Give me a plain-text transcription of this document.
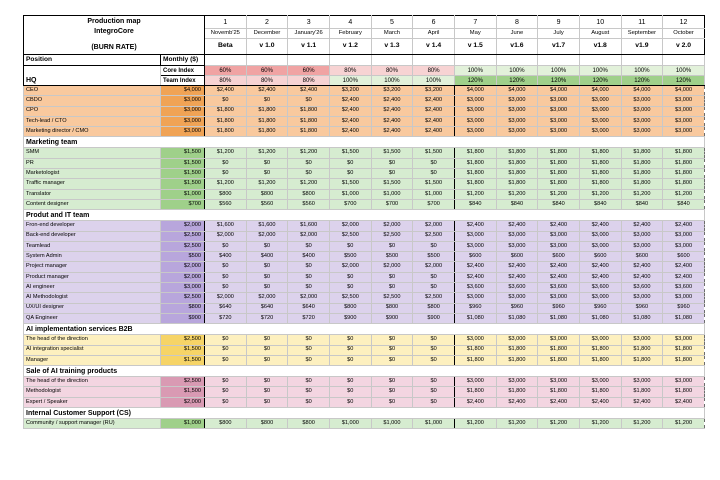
Production map
IntegroCore
(BURN RATE)		1	2	3	4	5	6	7	8	9	10	11	12
		Novemb'25	December	January'26	February	March	April	May	June	July	August	September	October
		Beta	v 1.0	v 1.1	v 1.2	v 1.3	v 1.4	v 1.5	v1.6	v1.7	v1.8	v1.9	v 2.0
Position	Monthly ($)												
	Core Index	60%	60%	60%	80%	80%	80%	100%	100%	100%	100%	100%	100%
HQ	Team Index	80%	80%	80%	100%	100%	100%	120%	120%	120%	120%	120%	120%
CEO	$4,000	$2,400	$2,400	$2,400	$3,200	$3,200	$3,200	$4,000	$4,000	$4,000	$4,000	$4,000	$4,000
CBDO	$3,000	$0	$0	$0	$2,400	$2,400	$2,400	$3,000	$3,000	$3,000	$3,000	$3,000	$3,000
CPO	$3,000	$1,800	$1,800	$1,800	$2,400	$2,400	$2,400	$3,000	$3,000	$3,000	$3,000	$3,000	$3,000
Tech-lead / CTO	$3,000	$1,800	$1,800	$1,800	$2,400	$2,400	$2,400	$3,000	$3,000	$3,000	$3,000	$3,000	$3,000
Marketing director / CMO	$3,000	$1,800	$1,800	$1,800	$2,400	$2,400	$2,400	$3,000	$3,000	$3,000	$3,000	$3,000	$3,000
Marketing team													
SMM	$1,500	$1,200	$1,200	$1,200	$1,500	$1,500	$1,500	$1,800	$1,800	$1,800	$1,800	$1,800	$1,800
PR	$1,500	$0	$0	$0	$0	$0	$0	$1,800	$1,800	$1,800	$1,800	$1,800	$1,800
Marketologist	$1,500	$0	$0	$0	$0	$0	$0	$1,800	$1,800	$1,800	$1,800	$1,800	$1,800
Traffic manager	$1,500	$1,200	$1,200	$1,200	$1,500	$1,500	$1,500	$1,800	$1,800	$1,800	$1,800	$1,800	$1,800
Translator	$1,000	$800	$800	$800	$1,000	$1,000	$1,000	$1,200	$1,200	$1,200	$1,200	$1,200	$1,200
Content designer	$700	$560	$560	$560	$700	$700	$700	$840	$840	$840	$840	$840	$840
Produt and IT team													
Fron-end developer	$2,000	$1,600	$1,600	$1,600	$2,000	$2,000	$2,000	$2,400	$2,400	$2,400	$2,400	$2,400	$2,400
Back-end developer	$2,500	$2,000	$2,000	$2,000	$2,500	$2,500	$2,500	$3,000	$3,000	$3,000	$3,000	$3,000	$3,000
Teamlead	$2,500	$0	$0	$0	$0	$0	$0	$3,000	$3,000	$3,000	$3,000	$3,000	$3,000
System Admin	$500	$400	$400	$400	$500	$500	$500	$600	$600	$600	$600	$600	$600
Project manager	$2,000	$0	$0	$0	$2,000	$2,000	$2,000	$2,400	$2,400	$2,400	$2,400	$2,400	$2,400
Product manager	$2,000	$0	$0	$0	$0	$0	$0	$2,400	$2,400	$2,400	$2,400	$2,400	$2,400
AI engineer	$3,000	$0	$0	$0	$0	$0	$0	$3,600	$3,600	$3,600	$3,600	$3,600	$3,600
AI Methodologist	$2,500	$2,000	$2,000	$2,000	$2,500	$2,500	$2,500	$3,000	$3,000	$3,000	$3,000	$3,000	$3,000
UX/UI designer	$800	$640	$640	$640	$800	$800	$800	$960	$960	$960	$960	$960	$960
QA Engineer	$900	$720	$720	$720	$900	$900	$900	$1,080	$1,080	$1,080	$1,080	$1,080	$1,080
AI implementation services B2B													
The head of the direction	$2,500	$0	$0	$0	$0	$0	$0	$3,000	$3,000	$3,000	$3,000	$3,000	$3,000
AI integration specialist	$1,500	$0	$0	$0	$0	$0	$0	$1,800	$1,800	$1,800	$1,800	$1,800	$1,800
Manager	$1,500	$0	$0	$0	$0	$0	$0	$1,800	$1,800	$1,800	$1,800	$1,800	$1,800
Sale of AI training products													
The head of the direction	$2,500	$0	$0	$0	$0	$0	$0	$3,000	$3,000	$3,000	$3,000	$3,000	$3,000
Methodologist	$1,500	$0	$0	$0	$0	$0	$0	$1,800	$1,800	$1,800	$1,800	$1,800	$1,800
Expert / Speaker	$2,000	$0	$0	$0	$0	$0	$0	$2,400	$2,400	$2,400	$2,400	$2,400	$2,400
Internal Customer Support (CS)													
Community / support manager (RU)	$1,000	$800	$800	$800	$1,000	$1,000	$1,000	$1,200	$1,200	$1,200	$1,200	$1,200	$1,200
